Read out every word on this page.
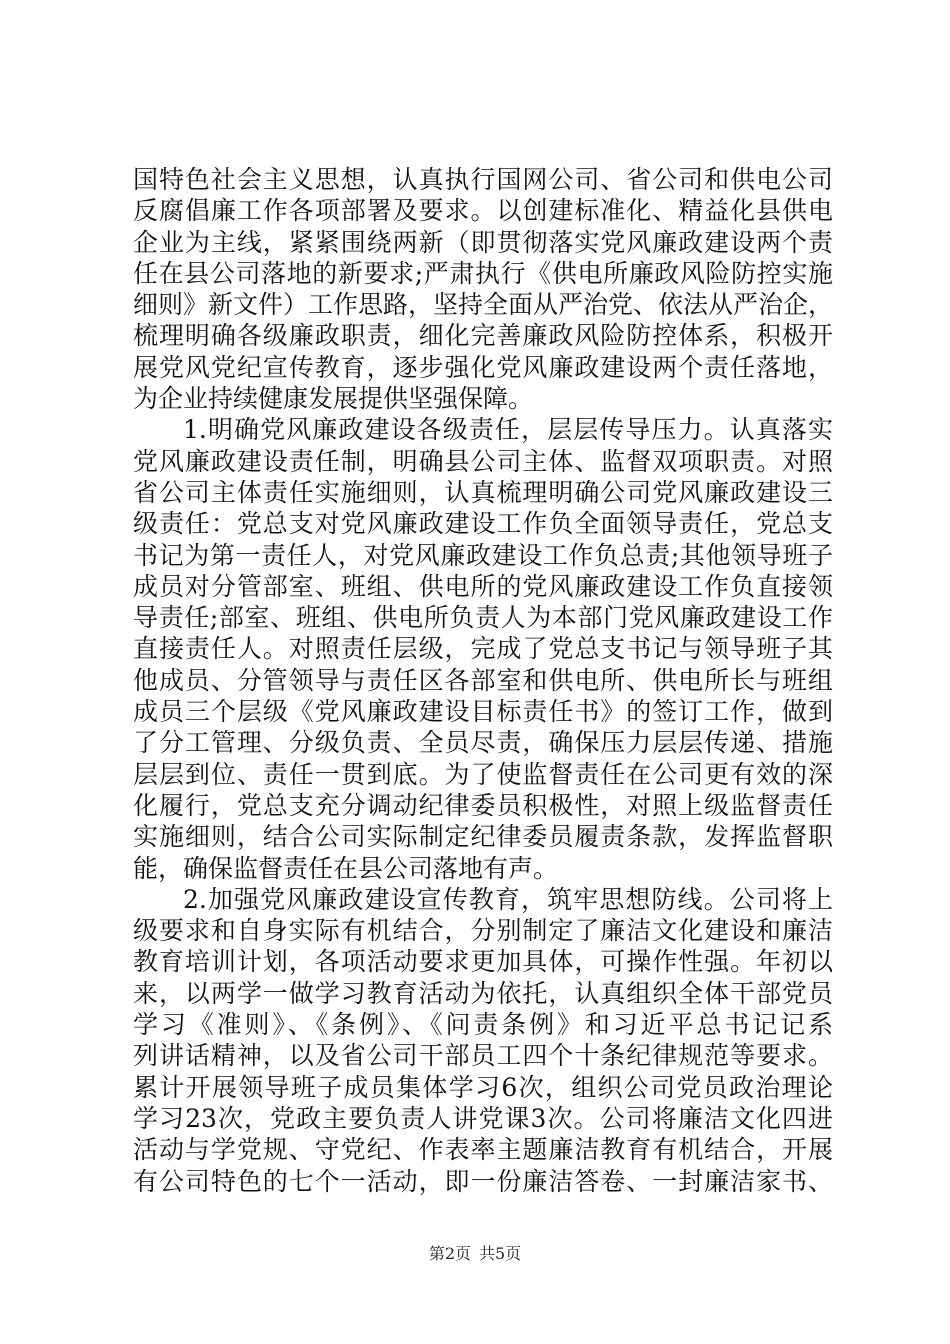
国特色社会主义思想，认真执行国网公司、省公司和供电公司
反腐倡廉工作各项部署及要求。以创建标准化、精益化县供电
企业为主线，紧紧围绕两新（即贯彻落实党风廉政建设两个责
任在县公司落地的新要求;严肃执行《供电所廉政风险防控实施
细则》新文件）工作思路，坚持全面从严治党、依法从严治企，
梳理明确各级廉政职责，细化完善廉政风险防控体系，积极开
展党风党纪宣传教育，逐步强化党风廉政建设两个责任落地，
为企业持续健康发展提供坚强保障。
1.明确党风廉政建设各级责任，层层传导压力。认真落实
党风廉政建设责任制，明确县公司主体、监督双项职责。对照
省公司主体责任实施细则，认真梳理明确公司党风廉政建设三
级责任：党总支对党风廉政建设工作负全面领导责任，党总支
书记为第一责任人，对党风廉政建设工作负总责;其他领导班子
成员对分管部室、班组、供电所的党风廉政建设工作负直接领
导责任;部室、班组、供电所负责人为本部门党风廉政建设工作
直接责任人。对照责任层级，完成了党总支书记与领导班子其
他成员、分管领导与责任区各部室和供电所、供电所长与班组
成员三个层级《党风廉政建设目标责任书》的签订工作，做到
了分工管理、分级负责、全员尽责，确保压力层层传递、措施
层层到位、责任一贯到底。为了使监督责任在公司更有效的深
化履行，党总支充分调动纪律委员积极性，对照上级监督责任
实施细则，结合公司实际制定纪律委员履责条款，发挥监督职
能，确保监督责任在县公司落地有声。
2.加强党风廉政建设宣传教育，筑牢思想防线。公司将上
级要求和自身实际有机结合，分别制定了廉洁文化建设和廉洁
教育培训计划，各项活动要求更加具体，可操作性强。年初以
来，以两学一做学习教育活动为依托，认真组织全体干部党员
学习《准则》、《条例》、《问责条例》和习近平总书记记系
列讲话精神，以及省公司干部员工四个十条纪律规范等要求。
累计开展领导班子成员集体学习6次，组织公司党员政治理论
学习23次，党政主要负责人讲党课3次。公司将廉洁文化四进
活动与学党规、守党纪、作表率主题廉洁教育有机结合，开展
有公司特色的七个一活动，即一份廉洁答卷、一封廉洁家书、
第2页 共5页
